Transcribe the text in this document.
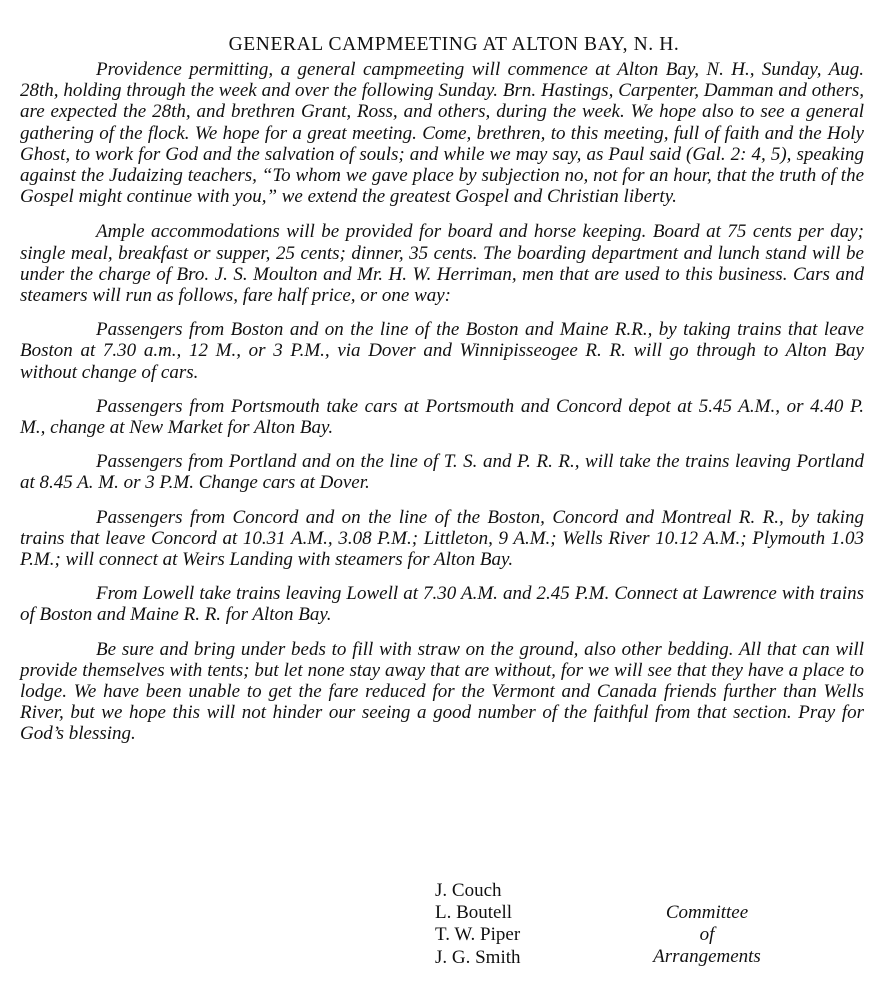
GENERAL CAMPMEETING AT ALTON BAY, N. H.

Providence permitting, a general campmeeting will commence at Alton Bay, N. H., Sunday, Aug. 28th, holding through the week and over the following Sunday. Brn. Hastings, Carpenter, Damman and others, are expected the 28th, and brethren Grant, Ross, and others, during the week. We hope also to see a general gathering of the flock. We hope for a great meeting. Come, brethren, to this meeting, full of faith and the Holy Ghost, to work for God and the salvation of souls; and while we may say, as Paul said (Gal. 2: 4, 5), speaking against the Judaizing teachers, “To whom we gave place by subjection no, not for an hour, that the truth of the Gospel might continue with you,” we extend the greatest Gospel and Christian liberty.

Ample accommodations will be provided for board and horse keeping. Board at 75 cents per day; single meal, breakfast or supper, 25 cents; dinner, 35 cents. The boarding department and lunch stand will be under the charge of Bro. J. S. Moulton and Mr. H. W. Herriman, men that are used to this business. Cars and steamers will run as follows, fare half price, or one way:

Passengers from Boston and on the line of the Boston and Maine R.R., by taking trains that leave Boston at 7.30 a.m., 12 M., or 3 P.M., via Dover and Winnipisseogee R. R. will go through to Alton Bay without change of cars.

Passengers from Portsmouth take cars at Portsmouth and Concord depot at 5.45 A.M., or 4.40 P. M., change at New Market for Alton Bay.

Passengers from Portland and on the line of T. S. and P. R. R., will take the trains leaving Portland at 8.45 A. M. or 3 P.M. Change cars at Dover.

Passengers from Concord and on the line of the Boston, Concord and Montreal R. R., by taking trains that leave Concord at 10.31 A.M., 3.08 P.M.; Littleton, 9 A.M.; Wells River 10.12 A.M.; Plymouth 1.03 P.M.; will connect at Weirs Landing with steamers for Alton Bay.

From Lowell take trains leaving Lowell at 7.30 A.M. and 2.45 P.M. Connect at Lawrence with trains of Boston and Maine R. R. for Alton Bay.

Be sure and bring under beds to fill with straw on the ground, also other bedding. All that can will provide themselves with tents; but let none stay away that are without, for we will see that they have a place to lodge. We have been unable to get the fare reduced for the Vermont and Canada friends further than Wells River, but we hope this will not hinder our seeing a good number of the faithful from that section. Pray for God’s blessing.

J. Couch
L. Boutell
T. W. Piper
J. G. Smith
Committee
of
Arrangements
